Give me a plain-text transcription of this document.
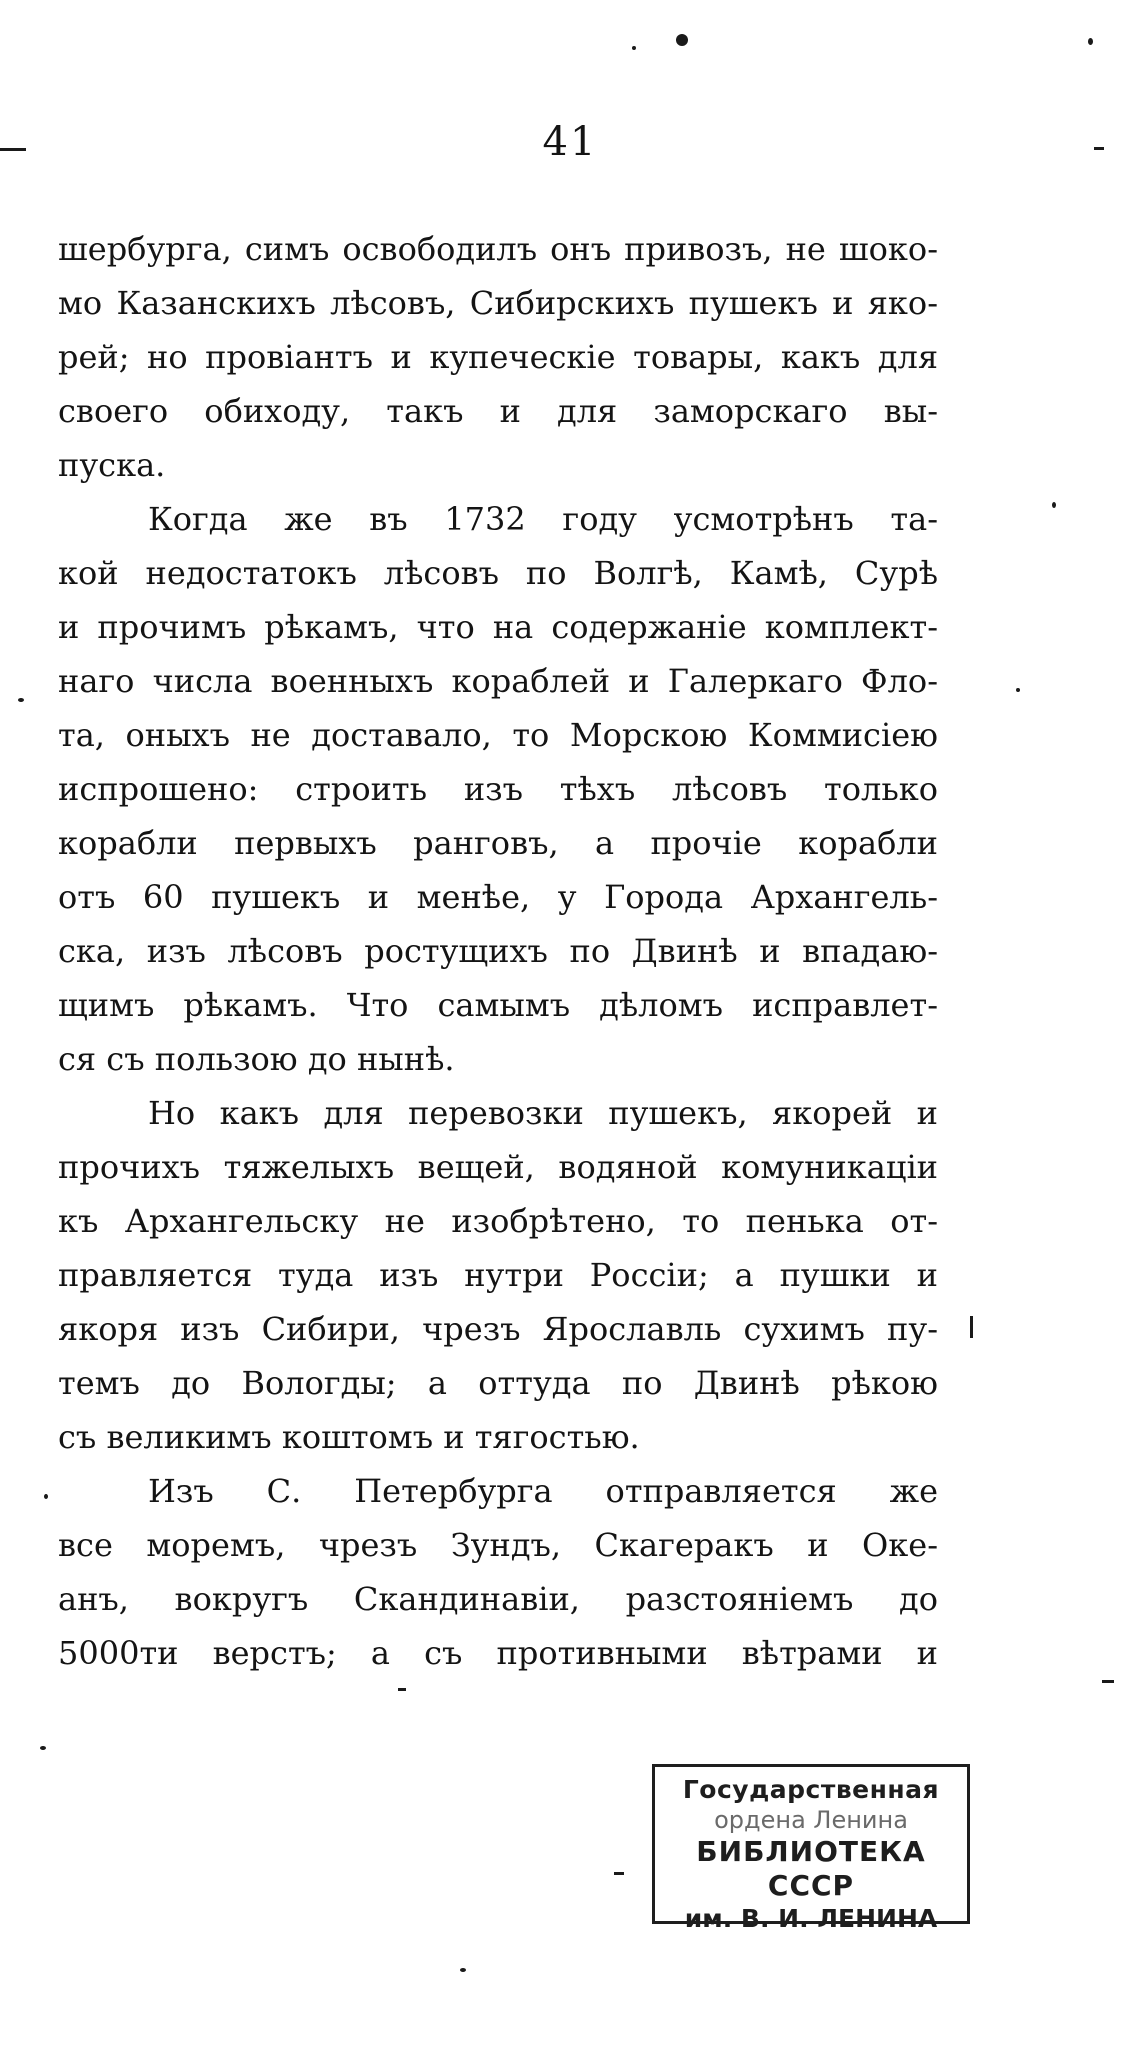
41
шербурга, симъ освободилъ онъ привозъ, не шоко-
мо Казанскихъ лѣсовъ, Сибирскихъ пушекъ и яко-
рей; но провіантъ и купеческіе товары, какъ для
своего обиходу, такъ и для заморскаго вы-
пуска.
Когда же въ 1732 году усмотрѣнъ та-
кой недостатокъ лѣсовъ по Волгѣ, Камѣ, Сурѣ
и прочимъ рѣкамъ, что на содержаніе комплект-
наго числа военныхъ кораблей и Галеркаго Фло-
та, оныхъ не доставало, то Морскою Коммисіею
испрошено: строить изъ тѣхъ лѣсовъ только
корабли первыхъ ранговъ, а прочіе корабли
отъ 60 пушекъ и менѣе, у Города Архангель-
ска, изъ лѣсовъ ростущихъ по Двинѣ и впадаю-
щимъ рѣкамъ. Что самымъ дѣломъ исправлет-
ся съ пользою до нынѣ.
Но какъ для перевозки пушекъ, якорей и
прочихъ тяжелыхъ вещей, водяной комуникаціи
къ Архангельску не изобрѣтено, то пенька от-
правляется туда изъ нутри Россіи; а пушки и
якоря изъ Сибири, чрезъ Ярославль сухимъ пу-
темъ до Вологды; а оттуда по Двинѣ рѣкою
съ великимъ коштомъ и тягостью.
Изъ С. Петербурга отправляется же
все моремъ, чрезъ Зундъ, Скагеракъ и Оке-
анъ, вокругъ Скандинавіи, разстояніемъ до
5000ти верстъ; а съ противными вѣтрами и
Государственная
ордена Ленина
БИБЛИОТЕКА СССР
им. В. И. ЛЕНИНА
